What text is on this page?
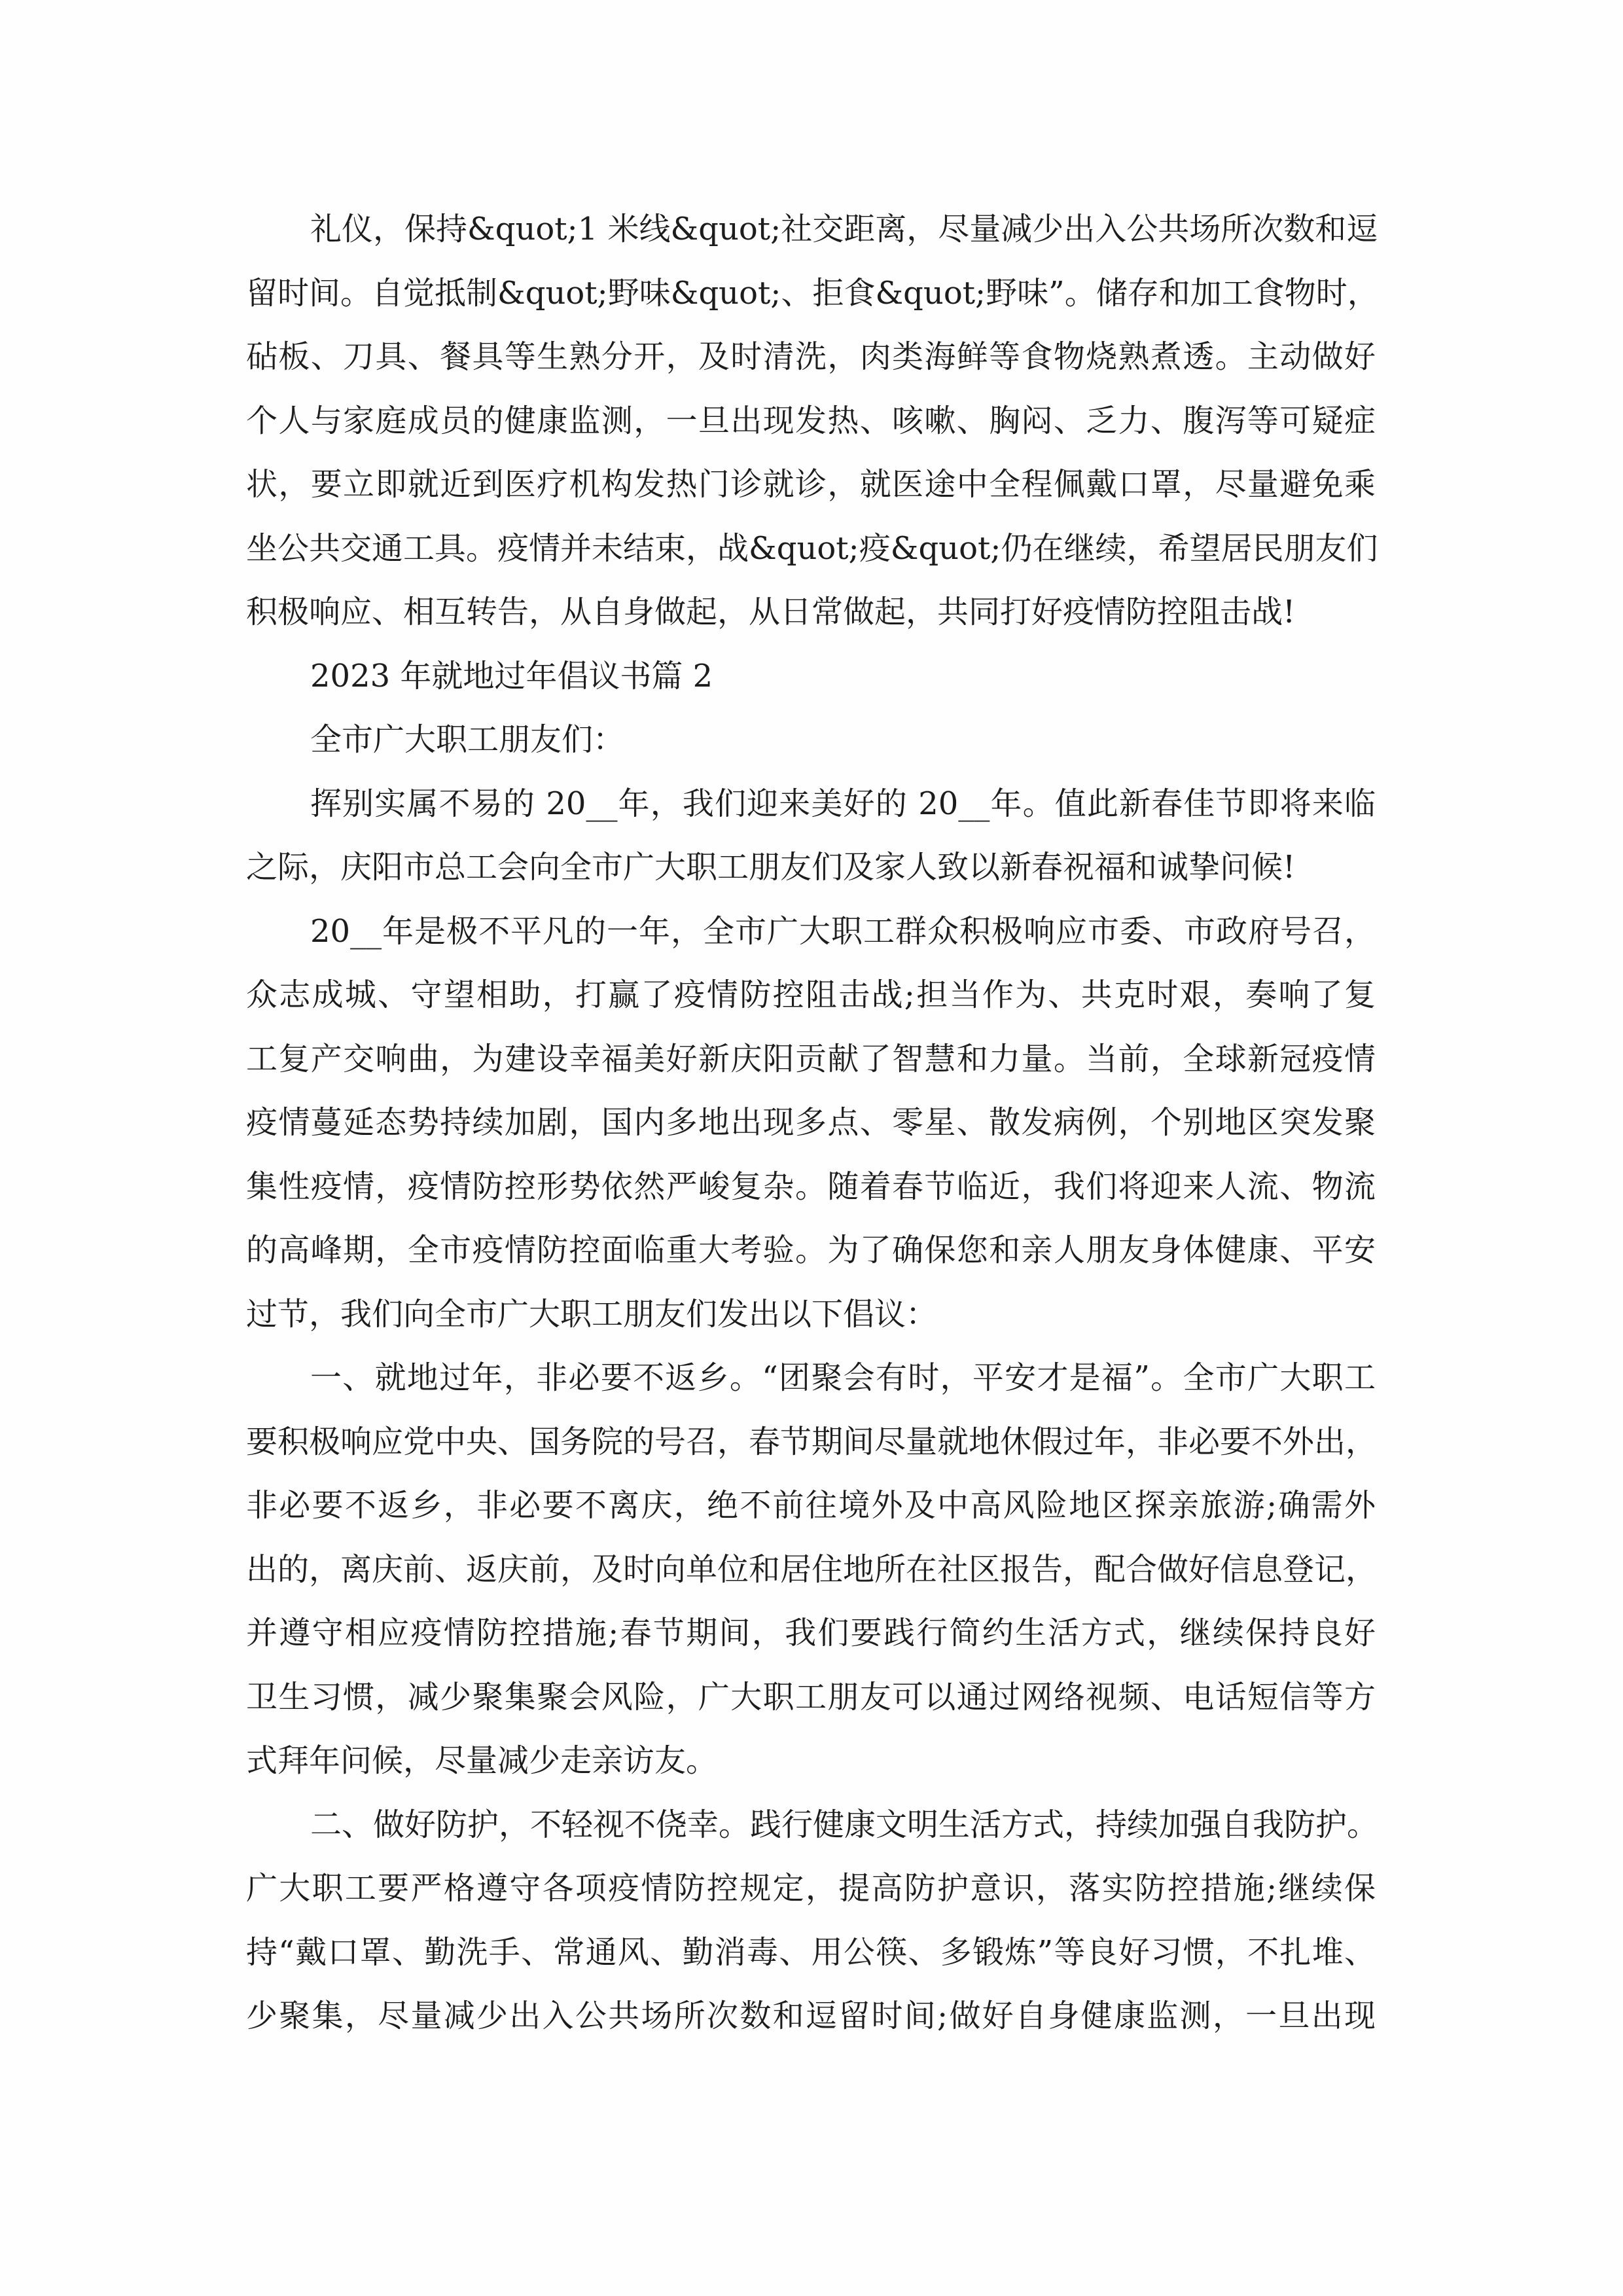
礼仪，保持&quot;1 米线&quot;社交距离，尽量减少出入公共场所次数和逗
留时间。自觉抵制&quot;野味&quot;、拒食&quot;野味”。储存和加工食物时，
砧板、刀具、餐具等生熟分开，及时清洗，肉类海鲜等食物烧熟煮透。主动做好
个人与家庭成员的健康监测，一旦出现发热、咳嗽、胸闷、乏力、腹泻等可疑症
状，要立即就近到医疗机构发热门诊就诊，就医途中全程佩戴口罩，尽量避免乘
坐公共交通工具。疫情并未结束，战&quot;疫&quot;仍在继续，希望居民朋友们
积极响应、相互转告，从自身做起，从日常做起，共同打好疫情防控阻击战!
2023 年就地过年倡议书篇 2
全市广大职工朋友们：
挥别实属不易的 20__年，我们迎来美好的 20__年。值此新春佳节即将来临
之际，庆阳市总工会向全市广大职工朋友们及家人致以新春祝福和诚挚问候!
20__年是极不平凡的一年，全市广大职工群众积极响应市委、市政府号召，
众志成城、守望相助，打赢了疫情防控阻击战;担当作为、共克时艰，奏响了复
工复产交响曲，为建设幸福美好新庆阳贡献了智慧和力量。当前，全球新冠疫情
疫情蔓延态势持续加剧，国内多地出现多点、零星、散发病例，个别地区突发聚
集性疫情，疫情防控形势依然严峻复杂。随着春节临近，我们将迎来人流、物流
的高峰期，全市疫情防控面临重大考验。为了确保您和亲人朋友身体健康、平安
过节，我们向全市广大职工朋友们发出以下倡议：
一、就地过年，非必要不返乡。“团聚会有时，平安才是福”。全市广大职工
要积极响应党中央、国务院的号召，春节期间尽量就地休假过年，非必要不外出，
非必要不返乡，非必要不离庆，绝不前往境外及中高风险地区探亲旅游;确需外
出的，离庆前、返庆前，及时向单位和居住地所在社区报告，配合做好信息登记，
并遵守相应疫情防控措施;春节期间，我们要践行简约生活方式，继续保持良好
卫生习惯，减少聚集聚会风险，广大职工朋友可以通过网络视频、电话短信等方
式拜年问候，尽量减少走亲访友。
二、做好防护，不轻视不侥幸。践行健康文明生活方式，持续加强自我防护。
广大职工要严格遵守各项疫情防控规定，提高防护意识，落实防控措施;继续保
持“戴口罩、勤洗手、常通风、勤消毒、用公筷、多锻炼”等良好习惯，不扎堆、
少聚集，尽量减少出入公共场所次数和逗留时间;做好自身健康监测，一旦出现
